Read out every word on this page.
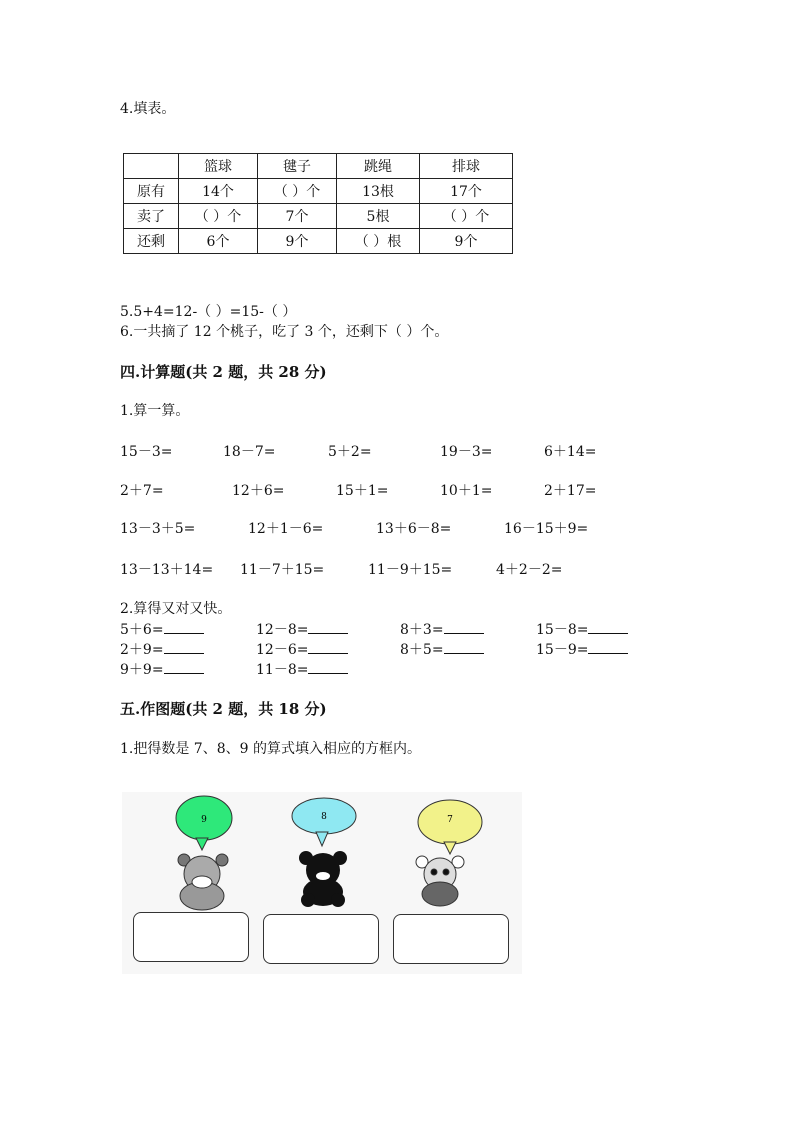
4.填表。
	篮球	毽子	跳绳	排球
原有	14个	（ ）个	13根	17个
卖了	（ ）个	7个	5根	（ ）个
还剩	6个	9个	（ ）根	9个
5.5+4=12-（ ）=15-（ ）
6.一共摘了 12 个桃子，吃了 3 个，还剩下（ ）个。
四.计算题(共 2 题，共 28 分)
1.算一算。
15－3=	18－7=	5＋2=	19－3=	6＋14=
2＋7=	12＋6=	15＋1=	10＋1=	2＋17=
13－3＋5=	12＋1－6=	13＋6－8=	16－15＋9=
13－13＋14= 11－7＋15=	11－9＋15=	4＋2－2=
2.算得又对又快。
5＋6=	12－8=	8＋3=	15－8=
2＋9=	12－6=	8＋5=	15－9=
9＋9=	11－8=
五.作图题(共 2 题，共 18 分)
1.把得数是 7、8、9 的算式填入相应的方框内。
9	8	7
